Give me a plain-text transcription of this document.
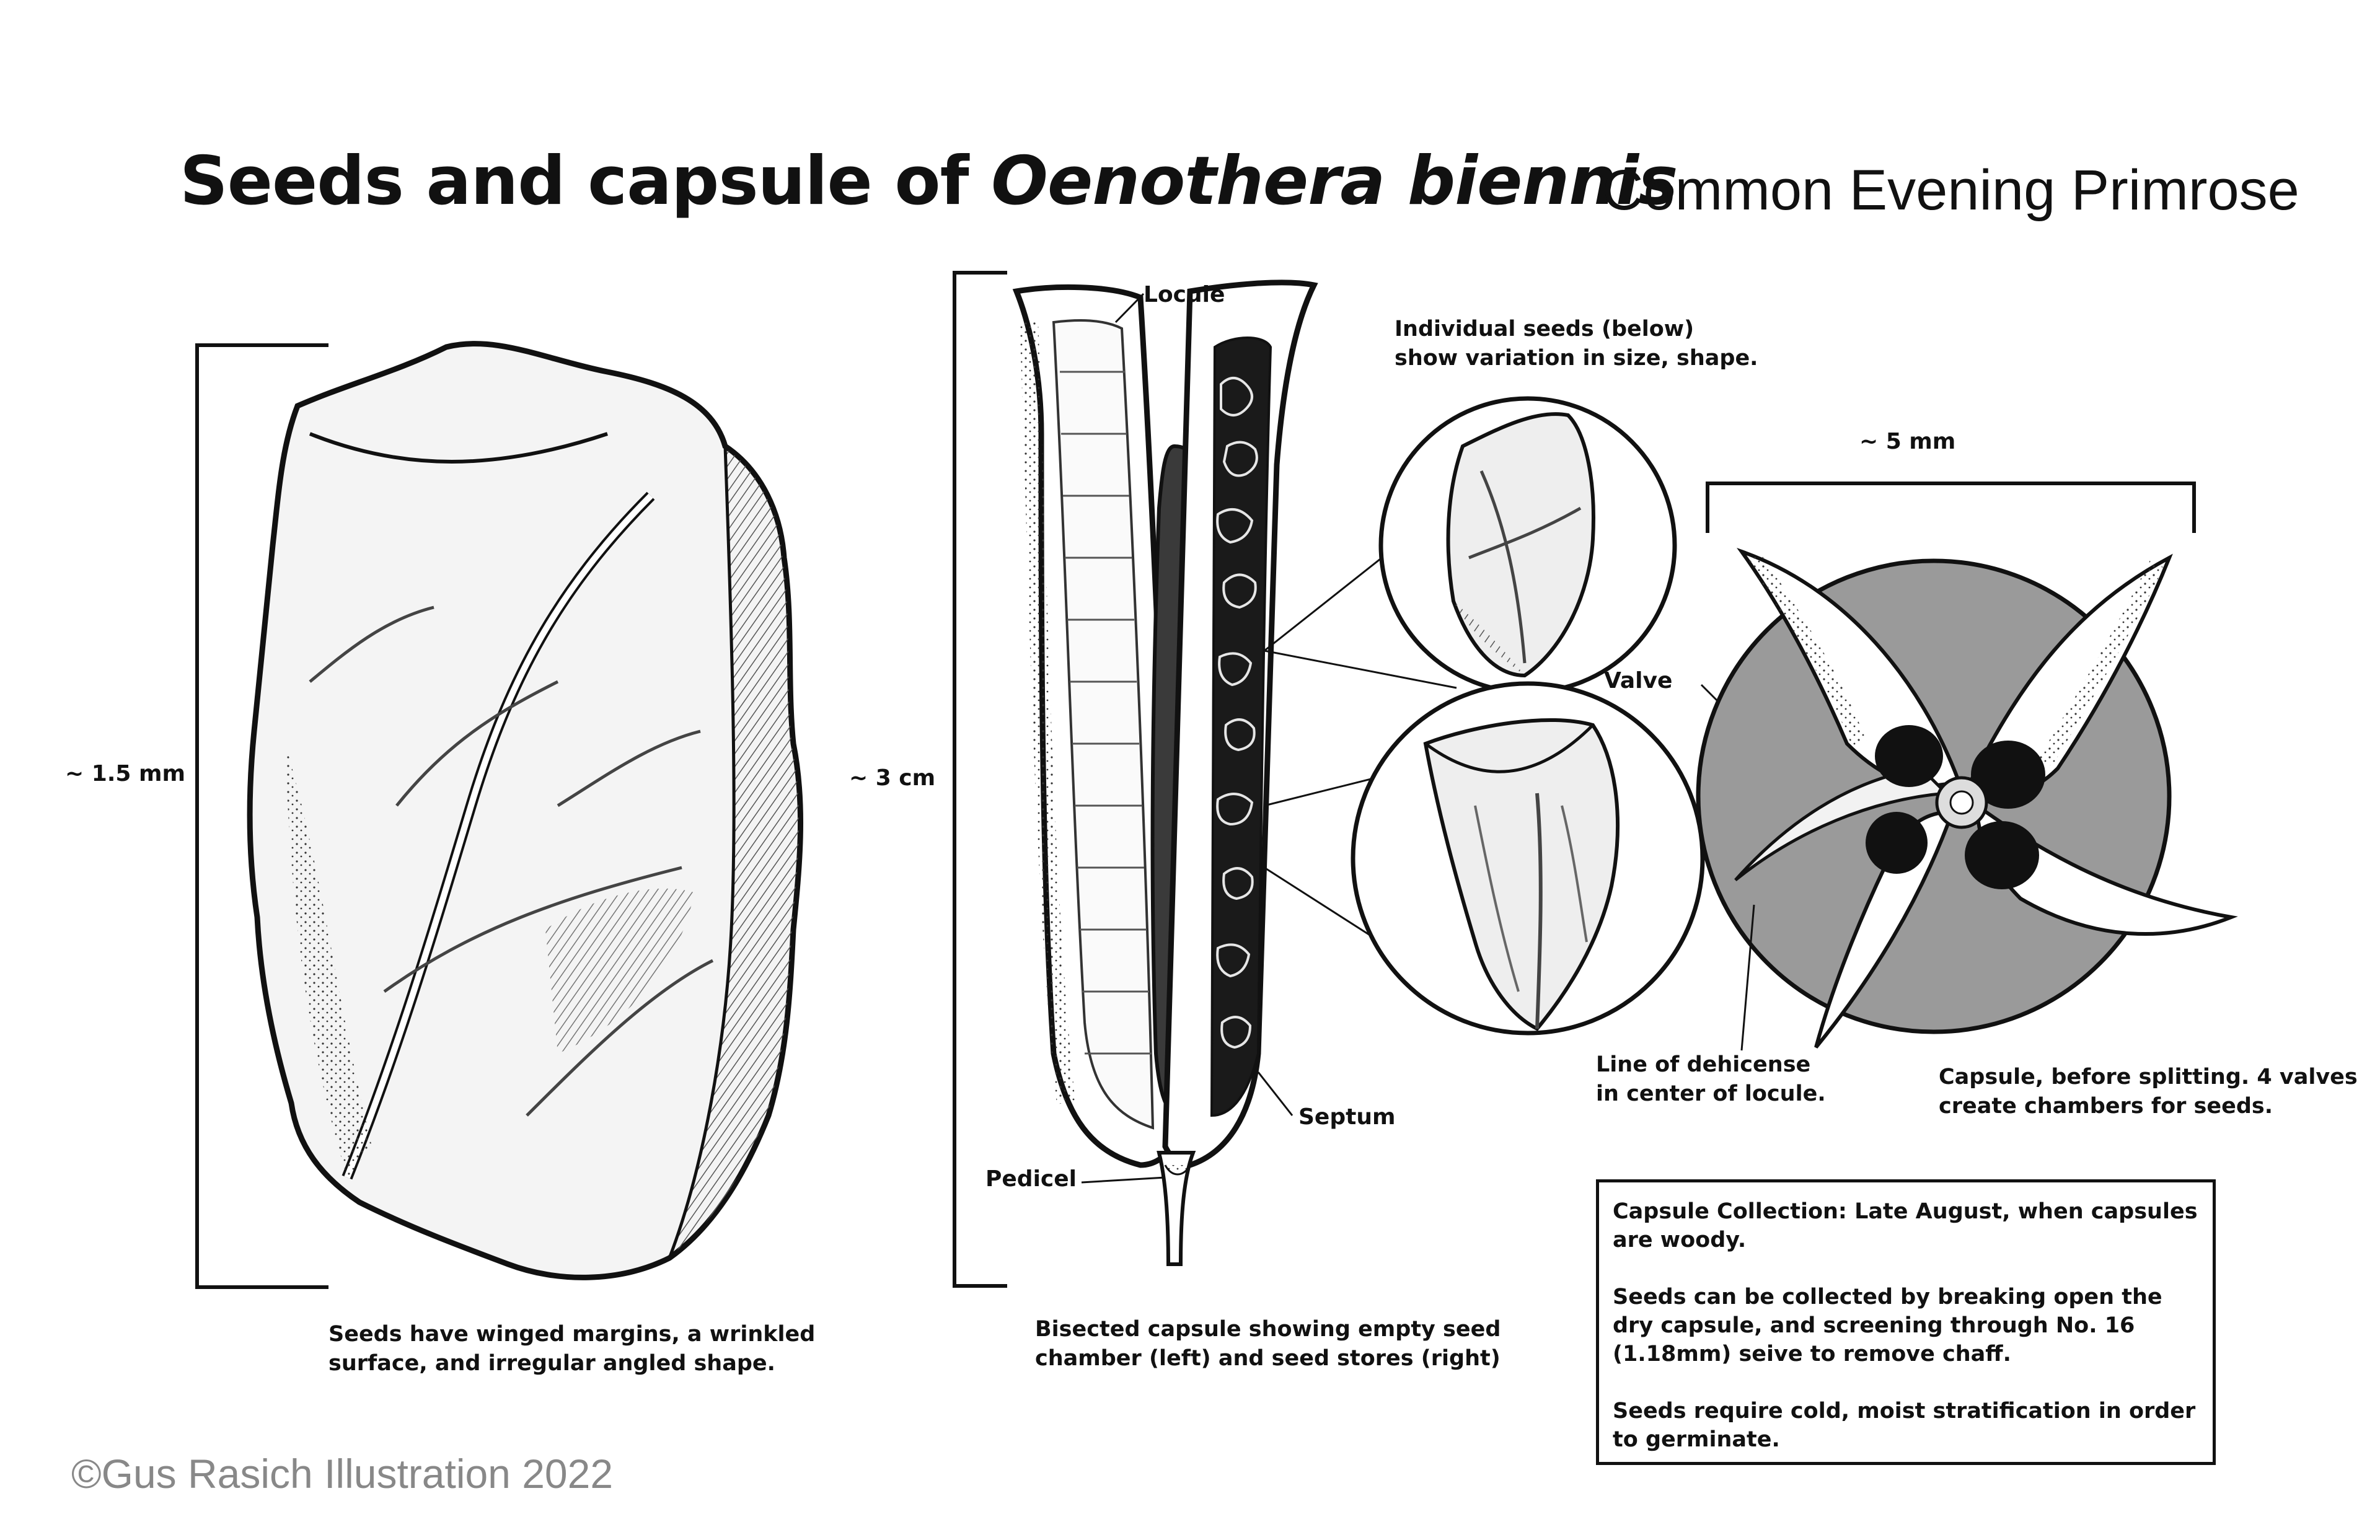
Seeds and capsule of Oenothera biennis
Common Evening Primrose
~ 1.5 mm
Seeds have winged margins, a wrinkled
surface, and irregular angled shape.
~ 3 cm
Locule
Septum
Pedicel
Bisected capsule showing empty seed
chamber (left) and seed stores (right)
Individual seeds (below)
show variation in size, shape.
~ 5 mm
Valve
Line of dehicense
in center of locule.
Capsule, before splitting. 4 valves
create chambers for seeds.

Capsule Collection: Late August, when capsules are woody.

Seeds can be collected by breaking open the dry capsule, and screening through No. 16 (1.18mm) seive to remove chaff.

Seeds require cold, moist stratification in order to germinate.

©Gus Rasich Illustration 2022
